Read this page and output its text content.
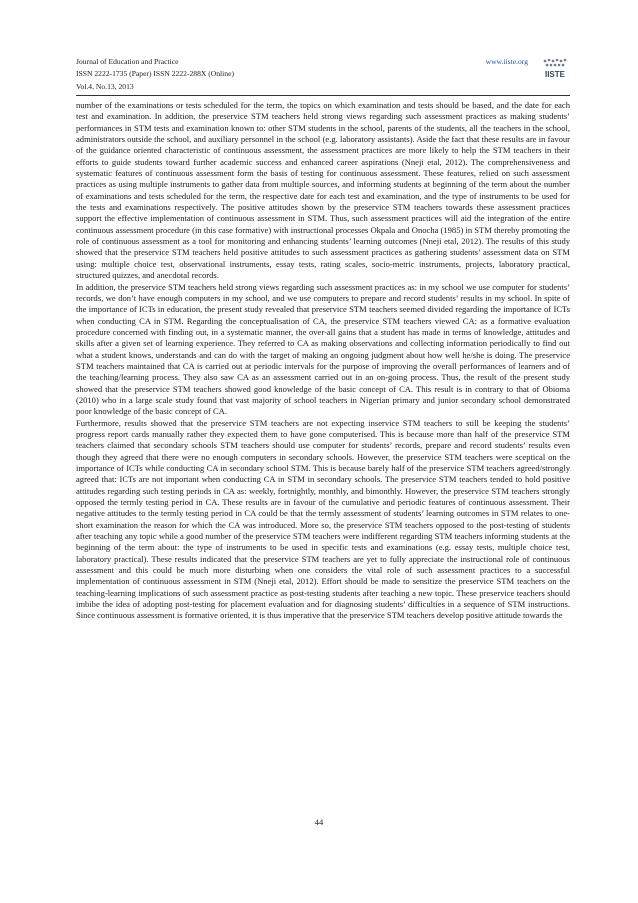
Journal of Education and Practice
ISSN 2222-1735 (Paper) ISSN 2222-288X (Online)
Vol.4, No.13, 2013
www.iiste.org
IISTE

number of the examinations or tests scheduled for the term, the topics on which examination and tests should be based, and the date for each test and examination. In addition, the preservice STM teachers held strong views regarding such assessment practices as making students’ performances in STM tests and examination known to: other STM students in the school, parents of the students, all the teachers in the school, administrators outside the school, and auxiliary personnel in the school (e.g. laboratory assistants). Aside the fact that these results are in favour of the guidance oriented characteristic of continuous assessment, the assessment practices are more likely to help the STM teachers in their efforts to guide students toward further academic success and enhanced career aspirations (Nneji etal, 2012). The comprehensiveness and systematic features of continuous assessment form the basis of testing for continuous assessment. These features, relied on such assessment practices as using multiple instruments to gather data from multiple sources, and informing students at beginning of the term about the number of examinations and tests scheduled for the term, the respective date for each test and examination, and the type of instruments to be used for the tests and examinations respectively. The positive attitudes shown by the preservice STM teachers towards these assessment practices support the effective implementation of continuous assessment in STM. Thus, such assessment practices will aid the integration of the entire continuous assessment procedure (in this case formative) with instructional processes Okpala and Onocha (1985) in STM thereby promoting the role of continuous assessment as a tool for monitoring and enhancing students’ learning outcomes (Nneji etal, 2012). The results of this study showed that the preservice STM teachers held positive attitudes to such assessment practices as gathering students’ assessment data on STM using: multiple choice test, observational instruments, essay tests, rating scales, socio-metric instruments, projects, laboratory practical, structured quizzes, and anecdotal records.

In addition, the preservice STM teachers held strong views regarding such assessment practices as: in my school we use computer for students’ records, we don’t have enough computers in my school, and we use computers to prepare and record students’ results in my school. In spite of the importance of ICTs in education, the present study revealed that preservice STM teachers seemed divided regarding the importance of ICTs when conducting CA in STM. Regarding the conceptualisation of CA, the preservice STM teachers viewed CA: as a formative evaluation procedure concerned with finding out, in a systematic manner, the over-all gains that a student has made in terms of knowledge, attitudes and skills after a given set of learning experience. They referred to CA as making observations and collecting information periodically to find out what a student knows, understands and can do with the target of making an ongoing judgment about how well he/she is doing. The preservice STM teachers maintained that CA is carried out at periodic intervals for the purpose of improving the overall performances of learners and of the teaching/learning process. They also saw CA as an assessment carried out in an on-going process. Thus, the result of the present study showed that the preservice STM teachers showed good knowledge of the basic concept of CA. This result is in contrary to that of Obioma (2010) who in a large scale study found that vast majority of school teachers in Nigerian primary and junior secondary school demonstrated poor knowledge of the basic concept of CA.

Furthermore, results showed that the preservice STM teachers are not expecting inservice STM teachers to still be keeping the students’ progress report cards manually rather they expected them to have gone computerised. This is because more than half of the preservice STM teachers claimed that secondary schools STM teachers should use computer for students’ records, prepare and record students’ results even though they agreed that there were no enough computers in secondary schools. However, the preservice STM teachers were sceptical on the importance of ICTs while conducting CA in secondary school STM. This is because barely half of the preservice STM teachers agreed/strongly agreed that: ICTs are not important when conducting CA in STM in secondary schools. The preservice STM teachers tended to hold positive attitudes regarding such testing periods in CA as: weekly, fortnightly, monthly, and bimonthly. However, the preservice STM teachers strongly opposed the termly testing period in CA. These results are in favour of the cumulative and periodic features of continuous assessment. Their negative attitudes to the termly testing period in CA could be that the termly assessment of students’ learning outcomes in STM relates to one-short examination the reason for which the CA was introduced. More so, the preservice STM teachers opposed to the post-testing of students after teaching any topic while a good number of the preservice STM teachers were indifferent regarding STM teachers informing students at the beginning of the term about: the type of instruments to be used in specific tests and examinations (e.g. essay tests, multiple choice test, laboratory practical). These results indicated that the preservice STM teachers are yet to fully appreciate the instructional role of continuous assessment and this could be much more disturbing when one considers the vital role of such assessment practices to a successful implementation of continuous assessment in STM (Nneji etal, 2012). Effort should be made to sensitize the preservice STM teachers on the teaching-learning implications of such assessment practice as post-testing students after teaching a new topic. These preservice teachers should imbibe the idea of adopting post-testing for placement evaluation and for diagnosing students’ difficulties in a sequence of STM instructions. Since continuous assessment is formative oriented, it is thus imperative that the preservice STM teachers develop positive attitude towards the

44
